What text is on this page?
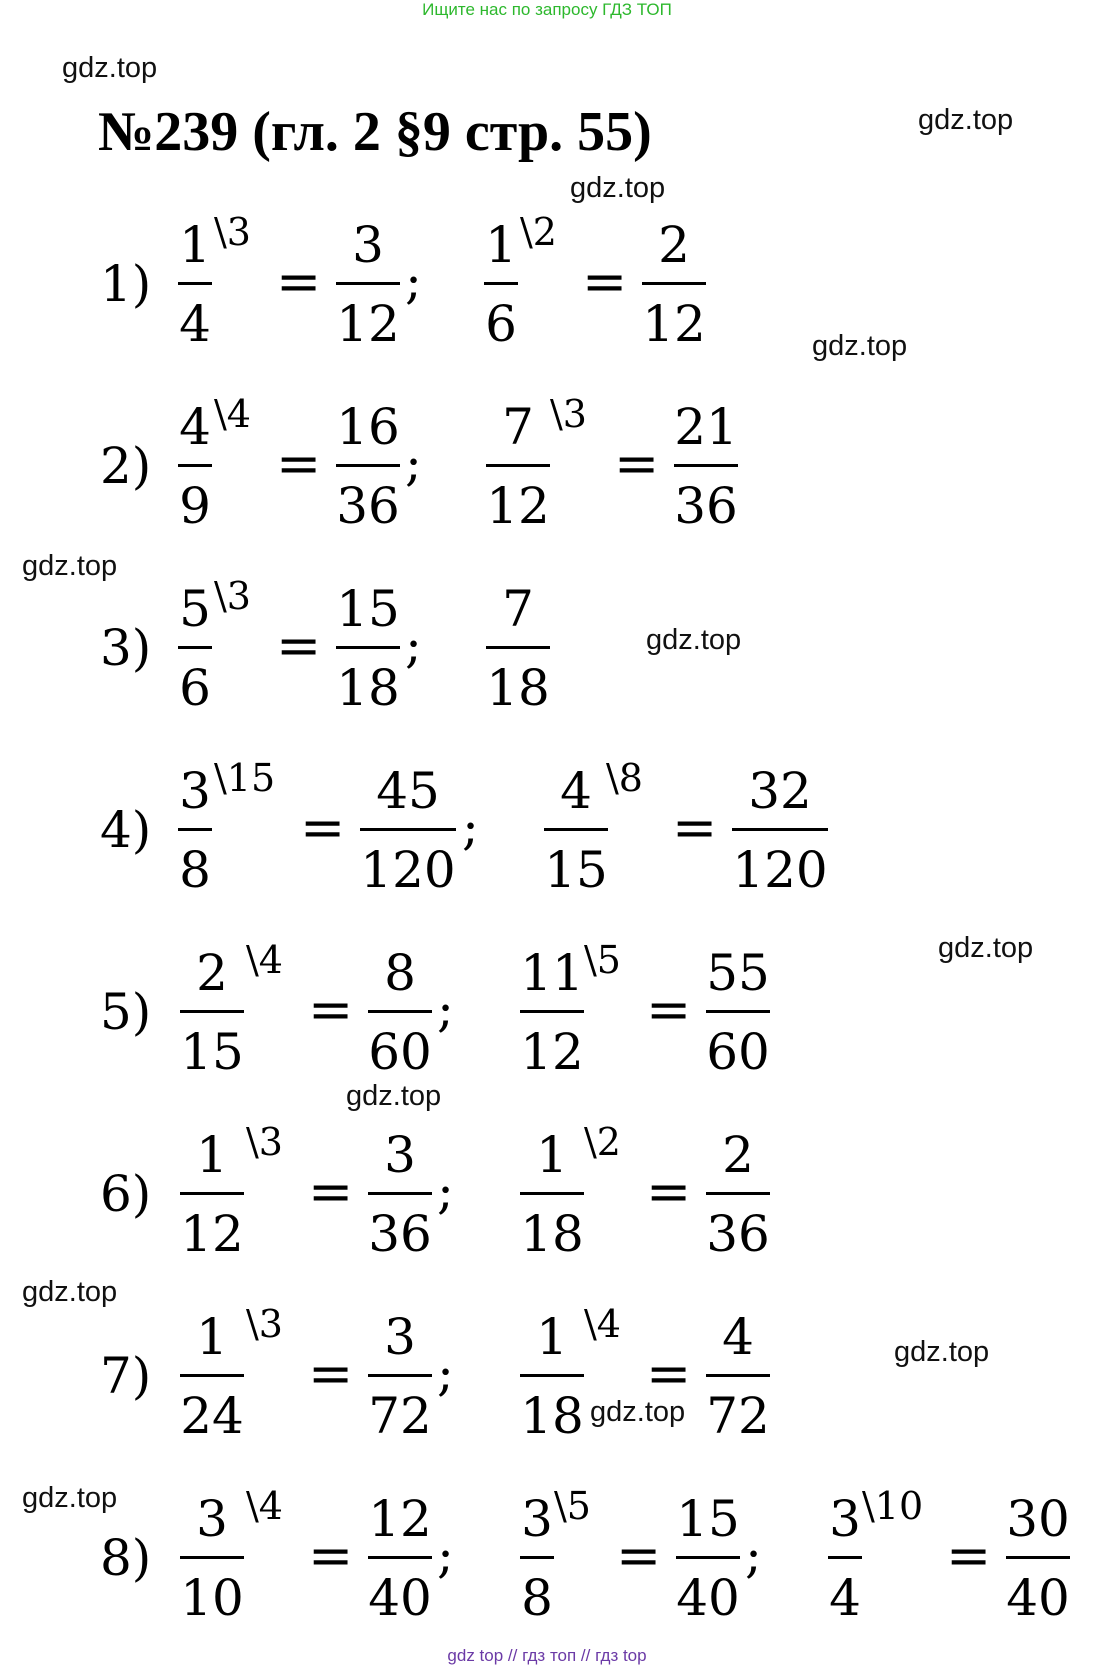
Ищите нас по запросу ГДЗ ТОП
gdz.top
gdz.top
gdz.top
gdz.top
gdz.top
gdz.top
gdz.top
gdz.top
gdz.top
gdz.top
gdz.top
gdz.top
№239 (гл. 2 §9 стр. 55)
1)
1
4
\3
=
3
12
;
1
6
\2
=
2
12
2)
4
9
\4
=
16
36
;
7
12
\3
=
21
36
3)
5
6
\3
=
15
18
;
7
18
4)
3
8
\15
=
45
120
;
4
15
\8
=
32
120
5)
2
15
\4
=
8
60
;
11
12
\5
=
55
60
6)
1
12
\3
=
3
36
;
1
18
\2
=
2
36
7)
1
24
\3
=
3
72
;
1
18
\4
=
4
72
8)
3
10
\4
=
12
40
;
3
8
\5
=
15
40
;
3
4
\10
=
30
40
gdz top // гдз топ // гдз top
